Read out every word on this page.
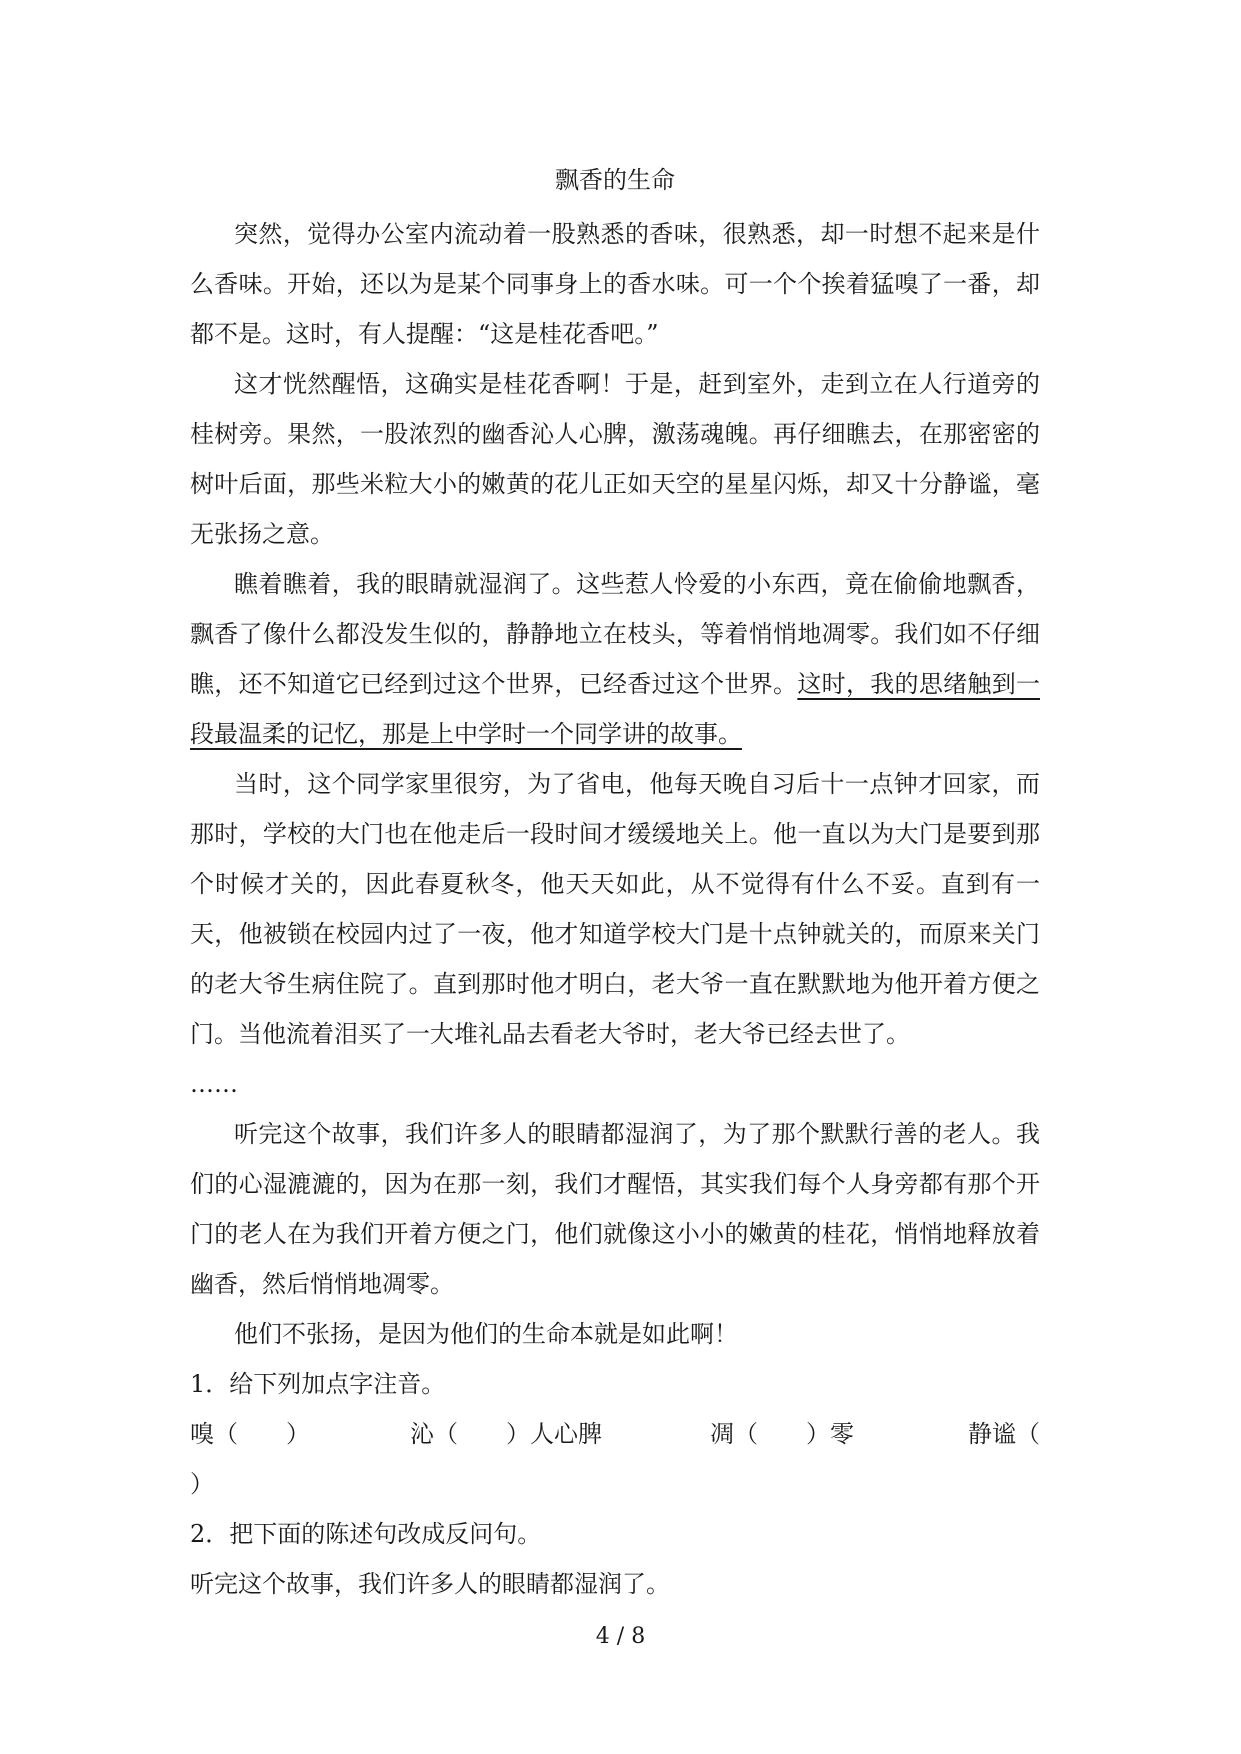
飘香的生命

突然，觉得办公室内流动着一股熟悉的香味，很熟悉，却一时想不起来是什么香味。开始，还以为是某个同事身上的香水味。可一个个挨着猛嗅了一番，却都不是。这时，有人提醒：“这是桂花香吧。”

这才恍然醒悟，这确实是桂花香啊！于是，赶到室外，走到立在人行道旁的桂树旁。果然，一股浓烈的幽香沁人心脾，激荡魂魄。再仔细瞧去，在那密密的树叶后面，那些米粒大小的嫩黄的花儿正如天空的星星闪烁，却又十分静谧，毫无张扬之意。

瞧着瞧着，我的眼睛就湿润了。这些惹人怜爱的小东西，竟在偷偷地飘香，飘香了像什么都没发生似的，静静地立在枝头，等着悄悄地凋零。我们如不仔细瞧，还不知道它已经到过这个世界，已经香过这个世界。这时，我的思绪触到一段最温柔的记忆，那是上中学时一个同学讲的故事。

当时，这个同学家里很穷，为了省电，他每天晚自习后十一点钟才回家，而那时，学校的大门也在他走后一段时间才缓缓地关上。他一直以为大门是要到那个时候才关的，因此春夏秋冬，他天天如此，从不觉得有什么不妥。直到有一天，他被锁在校园内过了一夜，他才知道学校大门是十点钟就关的，而原来关门的老大爷生病住院了。直到那时他才明白，老大爷一直在默默地为他开着方便之门。当他流着泪买了一大堆礼品去看老大爷时，老大爷已经去世了。

……

听完这个故事，我们许多人的眼睛都湿润了，为了那个默默行善的老人。我们的心湿漉漉的，因为在那一刻，我们才醒悟，其实我们每个人身旁都有那个开门的老人在为我们开着方便之门，他们就像这小小的嫩黄的桂花，悄悄地释放着幽香，然后悄悄地凋零。

他们不张扬，是因为他们的生命本就是如此啊！

1．给下列加点字注音。

嗅（　　）	沁（　　）人心脾	凋（　　）零	静谧（

）

2．把下面的陈述句改成反问句。

听完这个故事，我们许多人的眼睛都湿润了。

4 / 8
